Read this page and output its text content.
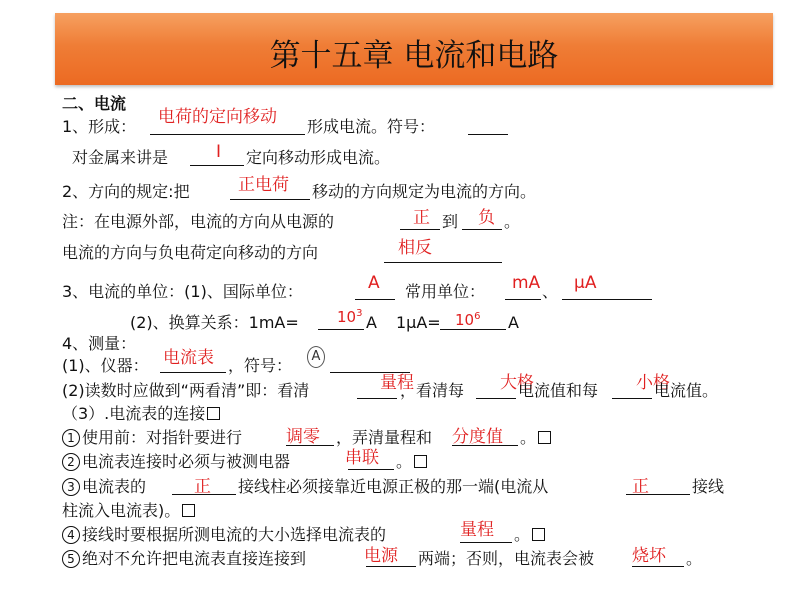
第十五章 电流和电路
二、电流
1、形成： 电荷的定向移动 形成电流。符号：
对金属来讲是	I 定向移动形成电流。
2、方向的规定:把	正电荷 移动的方向规定为电流的方向。
注：在电源外部，电流的方向从电源的	正 到 负 。
电流的方向与负电荷定向移动的方向	相反
3、电流的单位：(1)、国际单位：	A 常用单位： mA 、 μA
(2)、换算关系：1mA=	$10^3$ A $1\mu A= 10^6$ A
4、测量：
(1)、仪器： 电流表 ，符号：	A
(2)读数时应做到“两看清”即：看清	量程
，看清每 大格
电流值和每 小格
电流值。
（3）.电流表的连接
1 使用前：对指针要进行	调零 ，弄清量程和 分度值 。
2 电流表连接时必须与被测电器	串联 。
3 电流表的	正 接线柱必须接靠近电源正极的那一端(电流从	正	接线
柱流入电流表)。
4 接线时要根据所测电流的大小选择电流表的	量程 。
5 绝对不允许把电流表直接连接到	电源 两端；否则，电流表会被 烧坏 。
